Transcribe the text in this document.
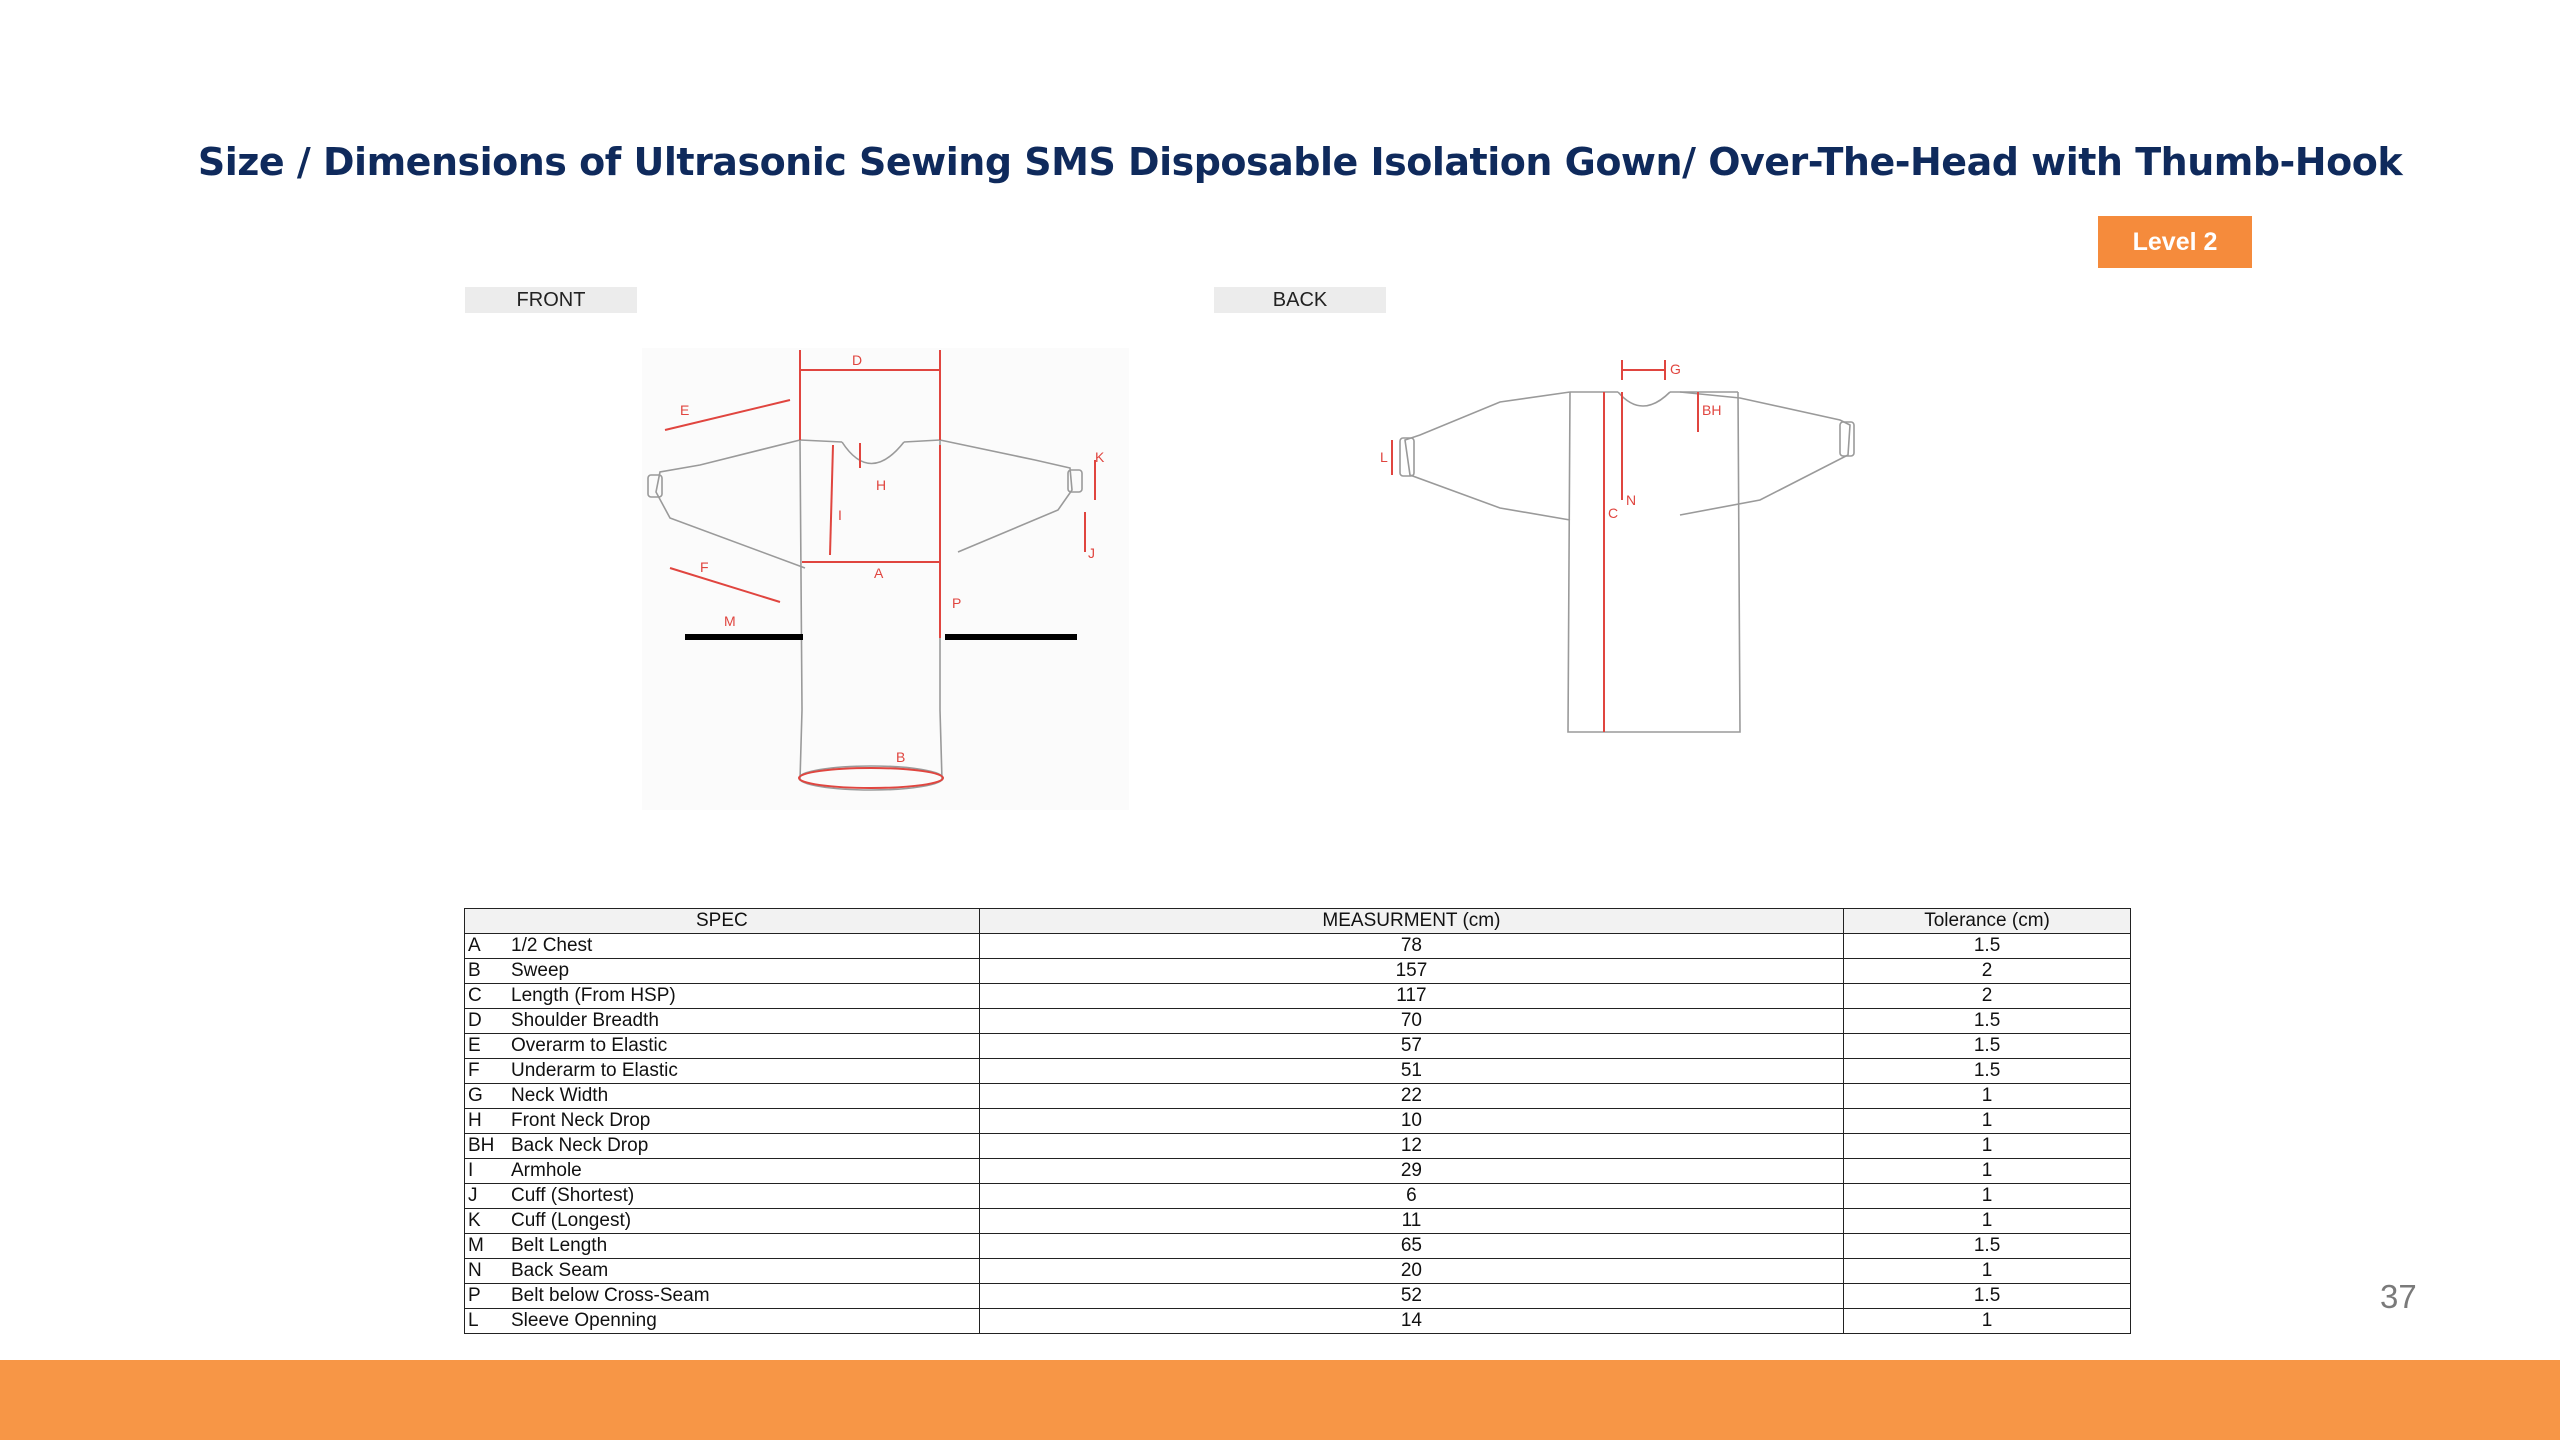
Size / Dimensions of Ultrasonic Sewing SMS Disposable Isolation Gown/ Over-The-Head with Thumb-Hook
Level 2
FRONT	BACK
D
E
H
I
K
F	A
P
M
J
B
G
BH
L
N
C
SPEC	MEASURMENT (cm)	Tolerance (cm)

A 1/2 Chest	78	1.5

B Sweep	157	2

C Length (From HSP)	117	2

D Shoulder Breadth	70	1.5

E Overarm to Elastic	57	1.5

F Underarm to Elastic	51	1.5

G Neck Width	22	1

H Front Neck Drop	10	1

BH Back Neck Drop	12	1

I Armhole	29	1

J Cuff (Shortest)	6	1

K Cuff (Longest)	11	1

M Belt Length	65	1.5

N Back Seam	20	1

P Belt below Cross-Seam	52	1.5

L Sleeve Openning	14	1
37
